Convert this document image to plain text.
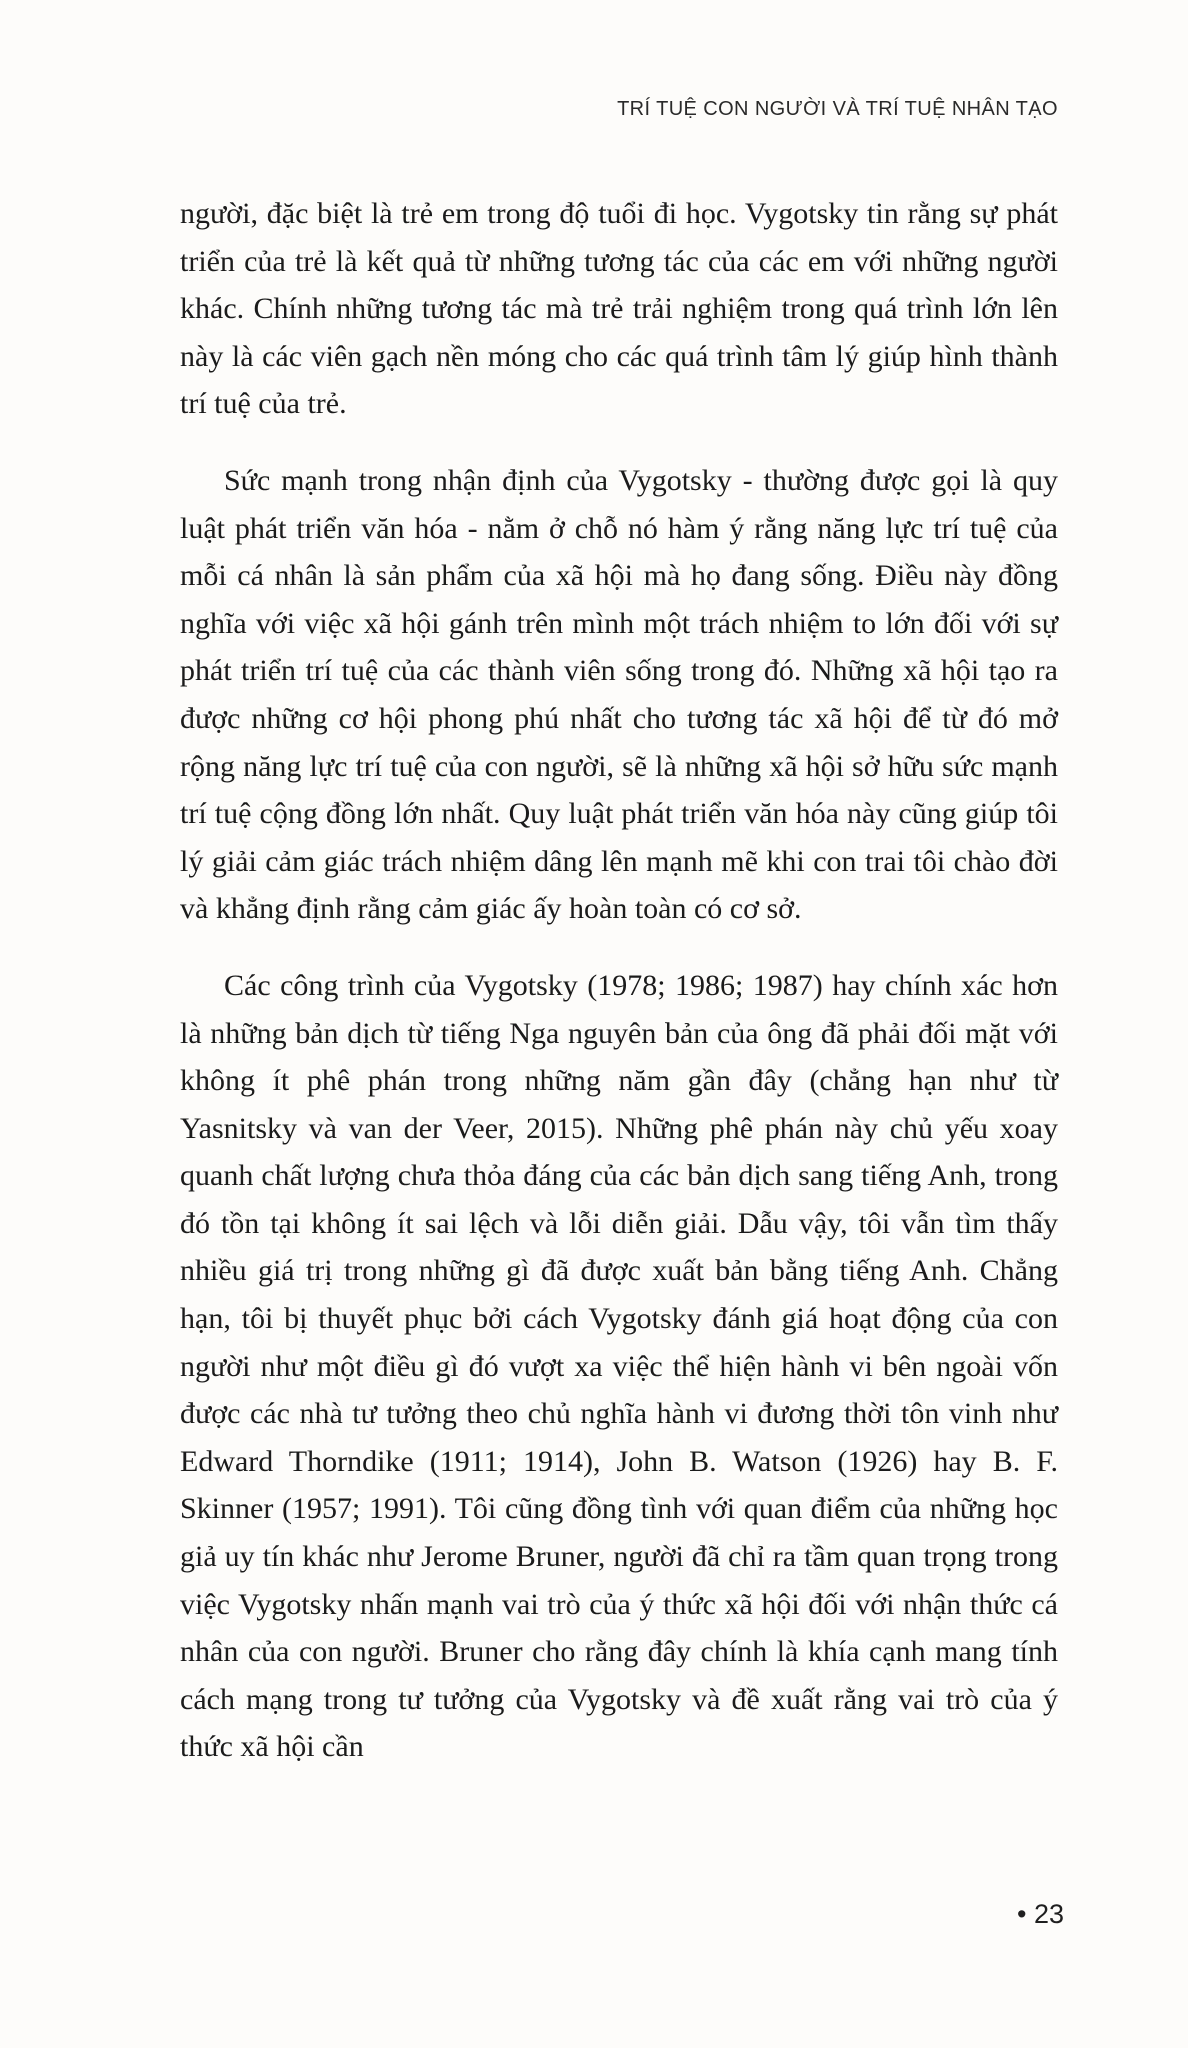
TRÍ TUỆ CON NGƯỜI VÀ TRÍ TUỆ NHÂN TẠO

người, đặc biệt là trẻ em trong độ tuổi đi học. Vygotsky tin rằng sự phát triển của trẻ là kết quả từ những tương tác của các em với những người khác. Chính những tương tác mà trẻ trải nghiệm trong quá trình lớn lên này là các viên gạch nền móng cho các quá trình tâm lý giúp hình thành trí tuệ của trẻ.

Sức mạnh trong nhận định của Vygotsky - thường được gọi là quy luật phát triển văn hóa - nằm ở chỗ nó hàm ý rằng năng lực trí tuệ của mỗi cá nhân là sản phẩm của xã hội mà họ đang sống. Điều này đồng nghĩa với việc xã hội gánh trên mình một trách nhiệm to lớn đối với sự phát triển trí tuệ của các thành viên sống trong đó. Những xã hội tạo ra được những cơ hội phong phú nhất cho tương tác xã hội để từ đó mở rộng năng lực trí tuệ của con người, sẽ là những xã hội sở hữu sức mạnh trí tuệ cộng đồng lớn nhất. Quy luật phát triển văn hóa này cũng giúp tôi lý giải cảm giác trách nhiệm dâng lên mạnh mẽ khi con trai tôi chào đời và khẳng định rằng cảm giác ấy hoàn toàn có cơ sở.

Các công trình của Vygotsky (1978; 1986; 1987) hay chính xác hơn là những bản dịch từ tiếng Nga nguyên bản của ông đã phải đối mặt với không ít phê phán trong những năm gần đây (chẳng hạn như từ Yasnitsky và van der Veer, 2015). Những phê phán này chủ yếu xoay quanh chất lượng chưa thỏa đáng của các bản dịch sang tiếng Anh, trong đó tồn tại không ít sai lệch và lỗi diễn giải. Dẫu vậy, tôi vẫn tìm thấy nhiều giá trị trong những gì đã được xuất bản bằng tiếng Anh. Chẳng hạn, tôi bị thuyết phục bởi cách Vygotsky đánh giá hoạt động của con người như một điều gì đó vượt xa việc thể hiện hành vi bên ngoài vốn được các nhà tư tưởng theo chủ nghĩa hành vi đương thời tôn vinh như Edward Thorndike (1911; 1914), John B. Watson (1926) hay B. F. Skinner (1957; 1991). Tôi cũng đồng tình với quan điểm của những học giả uy tín khác như Jerome Bruner, người đã chỉ ra tầm quan trọng trong việc Vygotsky nhấn mạnh vai trò của ý thức xã hội đối với nhận thức cá nhân của con người. Bruner cho rằng đây chính là khía cạnh mang tính cách mạng trong tư tưởng của Vygotsky và đề xuất rằng vai trò của ý thức xã hội cần

• 23
